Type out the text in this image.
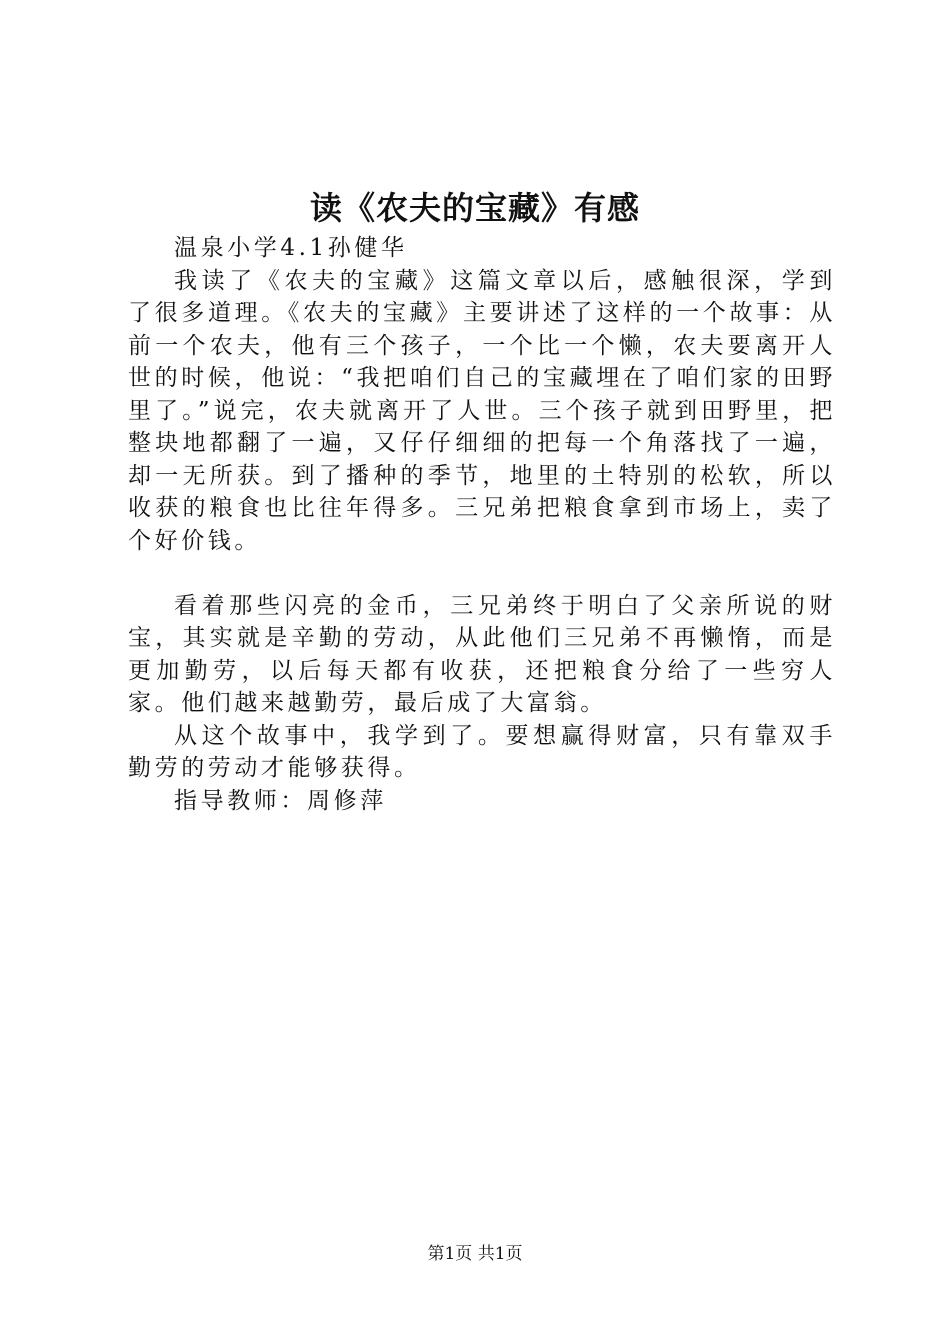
读《农夫的宝藏》有感

温泉小学4.1孙健华

我读了《农夫的宝藏》这篇文章以后，感触很深，学到了很多道理。《农夫的宝藏》主要讲述了这样的一个故事：从前一个农夫，他有三个孩子，一个比一个懒，农夫要离开人世的时候，他说：“我把咱们自己的宝藏埋在了咱们家的田野里了。”说完，农夫就离开了人世。三个孩子就到田野里，把整块地都翻了一遍，又仔仔细细的把每一个角落找了一遍，却一无所获。到了播种的季节，地里的土特别的松软，所以收获的粮食也比往年得多。三兄弟把粮食拿到市场上，卖了个好价钱。

看着那些闪亮的金币，三兄弟终于明白了父亲所说的财宝，其实就是辛勤的劳动，从此他们三兄弟不再懒惰，而是更加勤劳，以后每天都有收获，还把粮食分给了一些穷人家。他们越来越勤劳，最后成了大富翁。

从这个故事中，我学到了。要想赢得财富，只有靠双手勤劳的劳动才能够获得。

指导教师：周修萍

第1页 共1页
